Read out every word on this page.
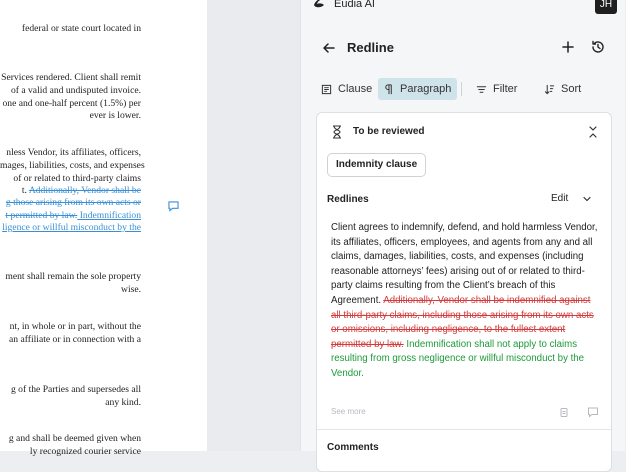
federal or state court located in
Services rendered. Client shall remit
of a valid and undisputed invoice.
one and one-half percent (1.5%) per
ever is lower.
nless Vendor, its affiliates, officers,
mages, liabilities, costs, and expenses
of or related to third-party claims
t. Additionally, Vendor shall be
g those arising from its own acts or
t permitted by law. Indemnification
ligence or willful misconduct by the
ment shall remain the sole property
wise.
nt, in whole or in part, without the
an affiliate or in connection with a
g of the Parties and supersedes all
any kind.
g and shall be deemed given when
ly recognized courier service
Eudia AI	JH
Redline
Clause	Paragraph	Filter	Sort
To be reviewed
Indemnity clause
Redlines	Edit
Client agrees to indemnify, defend, and hold harmless Vendor, its affiliates, officers, employees, and agents from any and all claims, damages, liabilities, costs, and expenses (including reasonable attorneys’ fees) arising out of or related to third-party claims resulting from the Client’s breach of this Agreement. Additionally, Vendor shall be indemnified against all third-party claims, including those arising from its own acts or omissions, including negligence, to the fullest extent permitted by law. Indemnification shall not apply to claims resulting from gross negligence or willful misconduct by the Vendor.
See more
Comments
